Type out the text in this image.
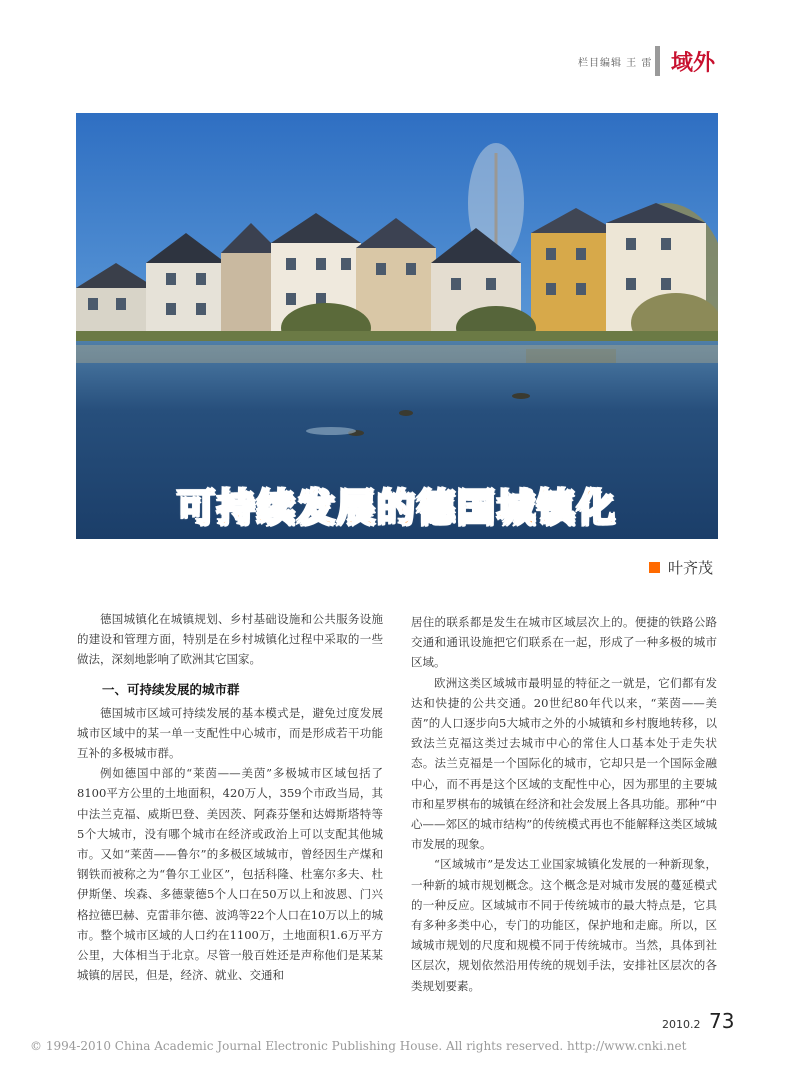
栏目编辑 王 雷 域外
可持续发展的德国城镇化
叶齐茂

德国城镇化在城镇规划、乡村基础设施和公共服务设施的建设和管理方面，特别是在乡村城镇化过程中采取的一些做法，深刻地影响了欧洲其它国家。

一、可持续发展的城市群

德国城市区域可持续发展的基本模式是，避免过度发展城市区域中的某一单一支配性中心城市，而是形成若干功能互补的多极城市群。

例如德国中部的“莱茵——美茵”多极城市区域包括了8100平方公里的土地面积，420万人，359个市政当局，其中法兰克福、威斯巴登、美因茨、阿森芬堡和达姆斯塔特等5个大城市，没有哪个城市在经济或政治上可以支配其他城市。又如“莱茵——鲁尔”的多极区域城市，曾经因生产煤和钢铁而被称之为“鲁尔工业区”，包括科隆、杜塞尔多夫、杜伊斯堡、埃森、多德蒙德5个人口在50万以上和波恩、门兴格拉德巴赫、克雷菲尔德、波鸿等22个人口在10万以上的城市。整个城市区域的人口约在1100万，土地面积1.6万平方公里，大体相当于北京。尽管一般百姓还是声称他们是某某城镇的居民，但是，经济、就业、交通和

居住的联系都是发生在城市区域层次上的。便捷的铁路公路交通和通讯设施把它们联系在一起，形成了一种多极的城市区域。

欧洲这类区域城市最明显的特征之一就是，它们都有发达和快捷的公共交通。20世纪80年代以来，“莱茵——美茵”的人口逐步向5大城市之外的小城镇和乡村腹地转移，以致法兰克福这类过去城市中心的常住人口基本处于走失状态。法兰克福是一个国际化的城市，它却只是一个国际金融中心，而不再是这个区域的支配性中心，因为那里的主要城市和星罗棋布的城镇在经济和社会发展上各具功能。那种“中心——郊区的城市结构”的传统模式再也不能解释这类区域城市发展的现象。

“区域城市”是发达工业国家城镇化发展的一种新现象，一种新的城市规划概念。这个概念是对城市发展的蔓延模式的一种反应。区域城市不同于传统城市的最大特点是，它具有多种多类中心，专门的功能区，保护地和走廊。所以，区域城市规划的尺度和规模不同于传统城市。当然，具体到社区层次，规划依然沿用传统的规划手法，安排社区层次的各类规划要素。

2010.2 73
© 1994-2010 China Academic Journal Electronic Publishing House. All rights reserved. http://www.cnki.net
